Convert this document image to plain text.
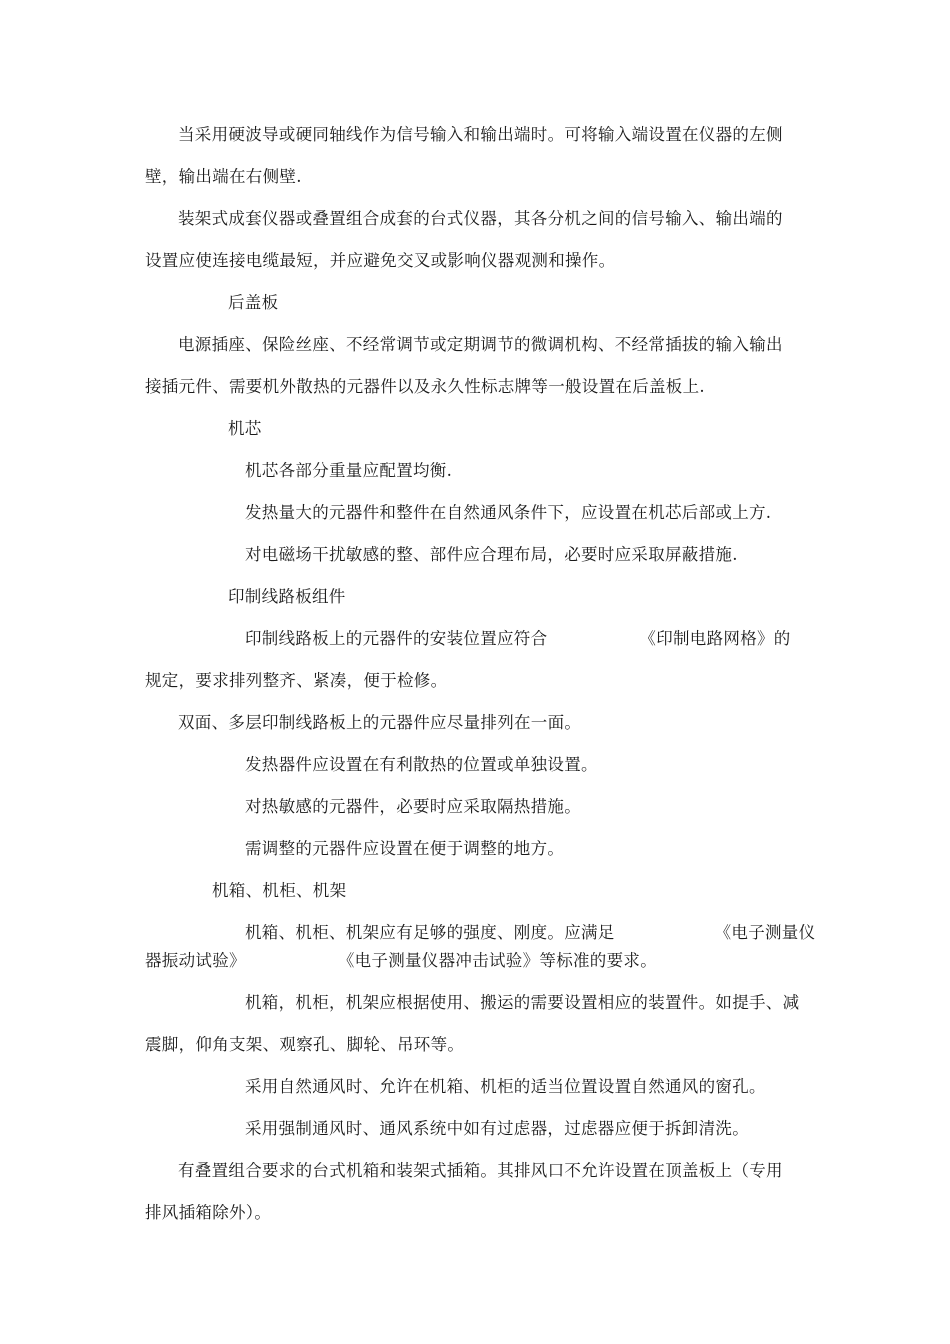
当采用硬波导或硬同轴线作为信号输入和输出端时。可将输入端设置在仪器的左侧
壁，输出端在右侧壁.
装架式成套仪器或叠置组合成套的台式仪器，其各分机之间的信号输入、输出端的
设置应使连接电缆最短，并应避免交叉或影响仪器观测和操作。
后盖板
电源插座、保险丝座、不经常调节或定期调节的微调机构、不经常插拔的输入输出
接插元件、需要机外散热的元器件以及永久性标志牌等一般设置在后盖板上.
机芯
机芯各部分重量应配置均衡.
发热量大的元器件和整件在自然通风条件下，应设置在机芯后部或上方.
对电磁场干扰敏感的整、部件应合理布局，必要时应采取屏蔽措施.
印制线路板组件
印制线路板上的元器件的安装位置应符合	《印制电路网格》的
规定，要求排列整齐、紧凑，便于检修。
双面、多层印制线路板上的元器件应尽量排列在一面。
发热器件应设置在有利散热的位置或单独设置。
对热敏感的元器件，必要时应采取隔热措施。
需调整的元器件应设置在便于调整的地方。
机箱、机柜、机架
机箱、机柜、机架应有足够的强度、刚度。应满足	《电子测量仪
器振动试验》	《电子测量仪器冲击试验》等标准的要求。
机箱，机柜，机架应根据使用、搬运的需要设置相应的装置件。如提手、减
震脚，仰角支架、观察孔、脚轮、吊环等。
采用自然通风时、允许在机箱、机柜的适当位置设置自然通风的窗孔。
采用强制通风时、通风系统中如有过虑器，过虑器应便于拆卸清洗。
有叠置组合要求的台式机箱和装架式插箱。其排风口不允许设置在顶盖板上（专用
排风插箱除外）。
